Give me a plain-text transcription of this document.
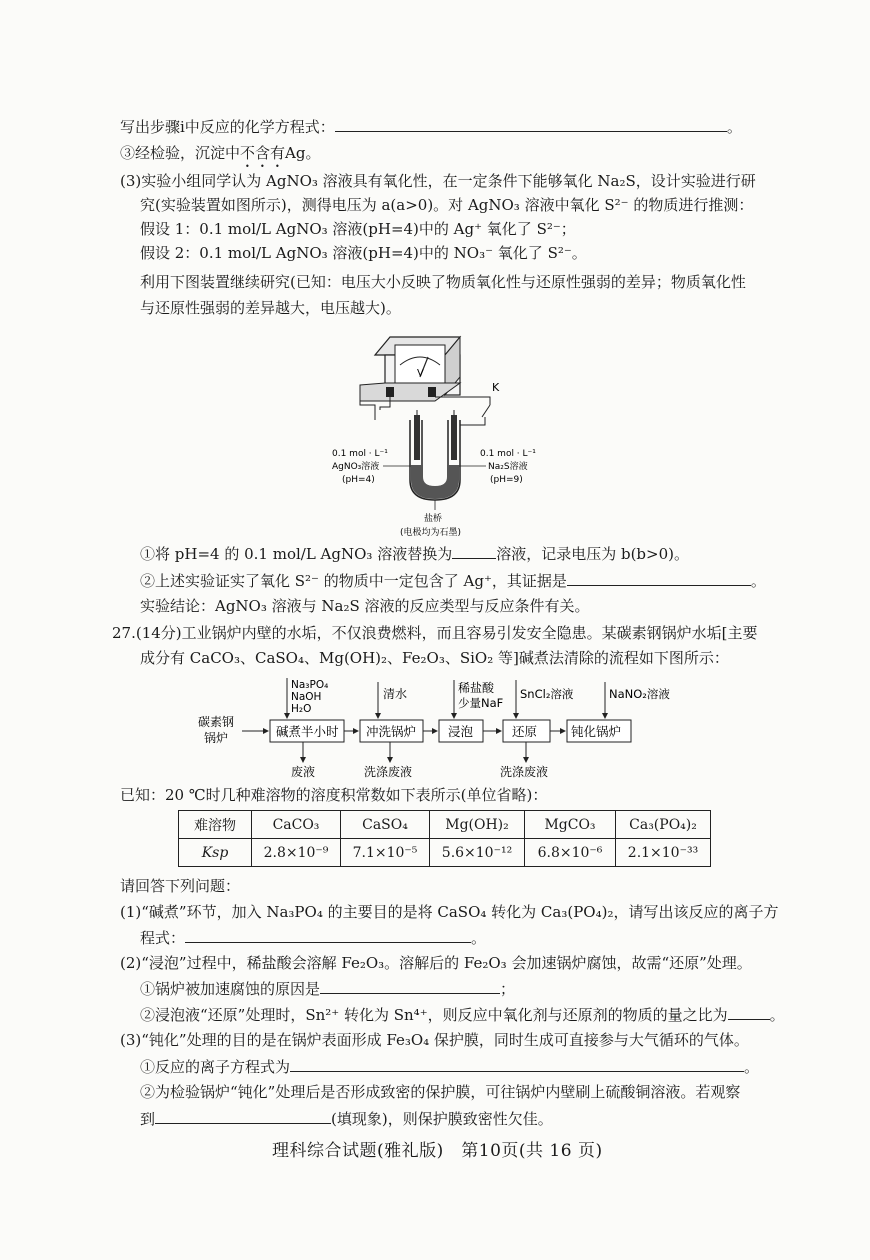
写出步骤ⅰ中反应的化学方程式：	。
③经检验，沉淀中不含有Ag。
(3)实验小组同学认为 AgNO₃ 溶液具有氧化性，在一定条件下能够氧化 Na₂S，设计实验进行研
究(实验装置如图所示)，测得电压为 a(a>0)。对 AgNO₃ 溶液中氧化 S²⁻ 的物质进行推测：
假设 1：0.1 mol/L AgNO₃ 溶液(pH=4)中的 Ag⁺ 氧化了 S²⁻；
假设 2：0.1 mol/L AgNO₃ 溶液(pH=4)中的 NO₃⁻ 氧化了 S²⁻。
利用下图装置继续研究(已知：电压大小反映了物质氧化性与还原性强弱的差异；物质氧化性
与还原性强弱的差异越大，电压越大)。
V
K
0.1 mol · L⁻¹
AgNO₃溶液
(pH=4)
0.1 mol · L⁻¹
Na₂S溶液
(pH=9)
盐桥
(电极均为石墨)
①将 pH=4 的 0.1 mol/L AgNO₃ 溶液替换为	溶液，记录电压为 b(b>0)。
②上述实验证实了氧化 S²⁻ 的物质中一定包含了 Ag⁺，其证据是	。
实验结论：AgNO₃ 溶液与 Na₂S 溶液的反应类型与反应条件有关。
27.(14分)工业锅炉内壁的水垢，不仅浪费燃料，而且容易引发安全隐患。某碳素钢锅炉水垢[主要
成分有 CaCO₃、CaSO₄、Mg(OH)₂、Fe₂O₃、SiO₂ 等]碱煮法清除的流程如下图所示：
碳素钢
锅炉	碱煮半小时 冲洗锅炉	浸泡	还原	钝化锅炉
Na₃PO₄
NaOH
H₂O
清水	稀盐酸
少量NaF
SnCl₂溶液	NaNO₂溶液
废液	洗涤废液	洗涤废液
已知：20 ℃时几种难溶物的溶度积常数如下表所示(单位省略)：
难溶物	CaCO₃	CaSO₄	Mg(OH)₂	MgCO₃	Ca₃(PO₄)₂
Ksp	2.8×10⁻⁹	7.1×10⁻⁵	5.6×10⁻¹²	6.8×10⁻⁶	2.1×10⁻³³
请回答下列问题：
(1)“碱煮”环节，加入 Na₃PO₄ 的主要目的是将 CaSO₄ 转化为 Ca₃(PO₄)₂，请写出该反应的离子方
程式：	。
(2)“浸泡”过程中，稀盐酸会溶解 Fe₂O₃。溶解后的 Fe₂O₃ 会加速锅炉腐蚀，故需“还原”处理。
①锅炉被加速腐蚀的原因是	；
②浸泡液“还原”处理时，Sn²⁺ 转化为 Sn⁴⁺，则反应中氧化剂与还原剂的物质的量之比为	。
(3)“钝化”处理的目的是在锅炉表面形成 Fe₃O₄ 保护膜，同时生成可直接参与大气循环的气体。
①反应的离子方程式为	。
②为检验锅炉“钝化”处理后是否形成致密的保护膜，可往锅炉内壁刷上硫酸铜溶液。若观察
到	(填现象)，则保护膜致密性欠佳。
理科综合试题(雅礼版)　第10页(共 16 页)
